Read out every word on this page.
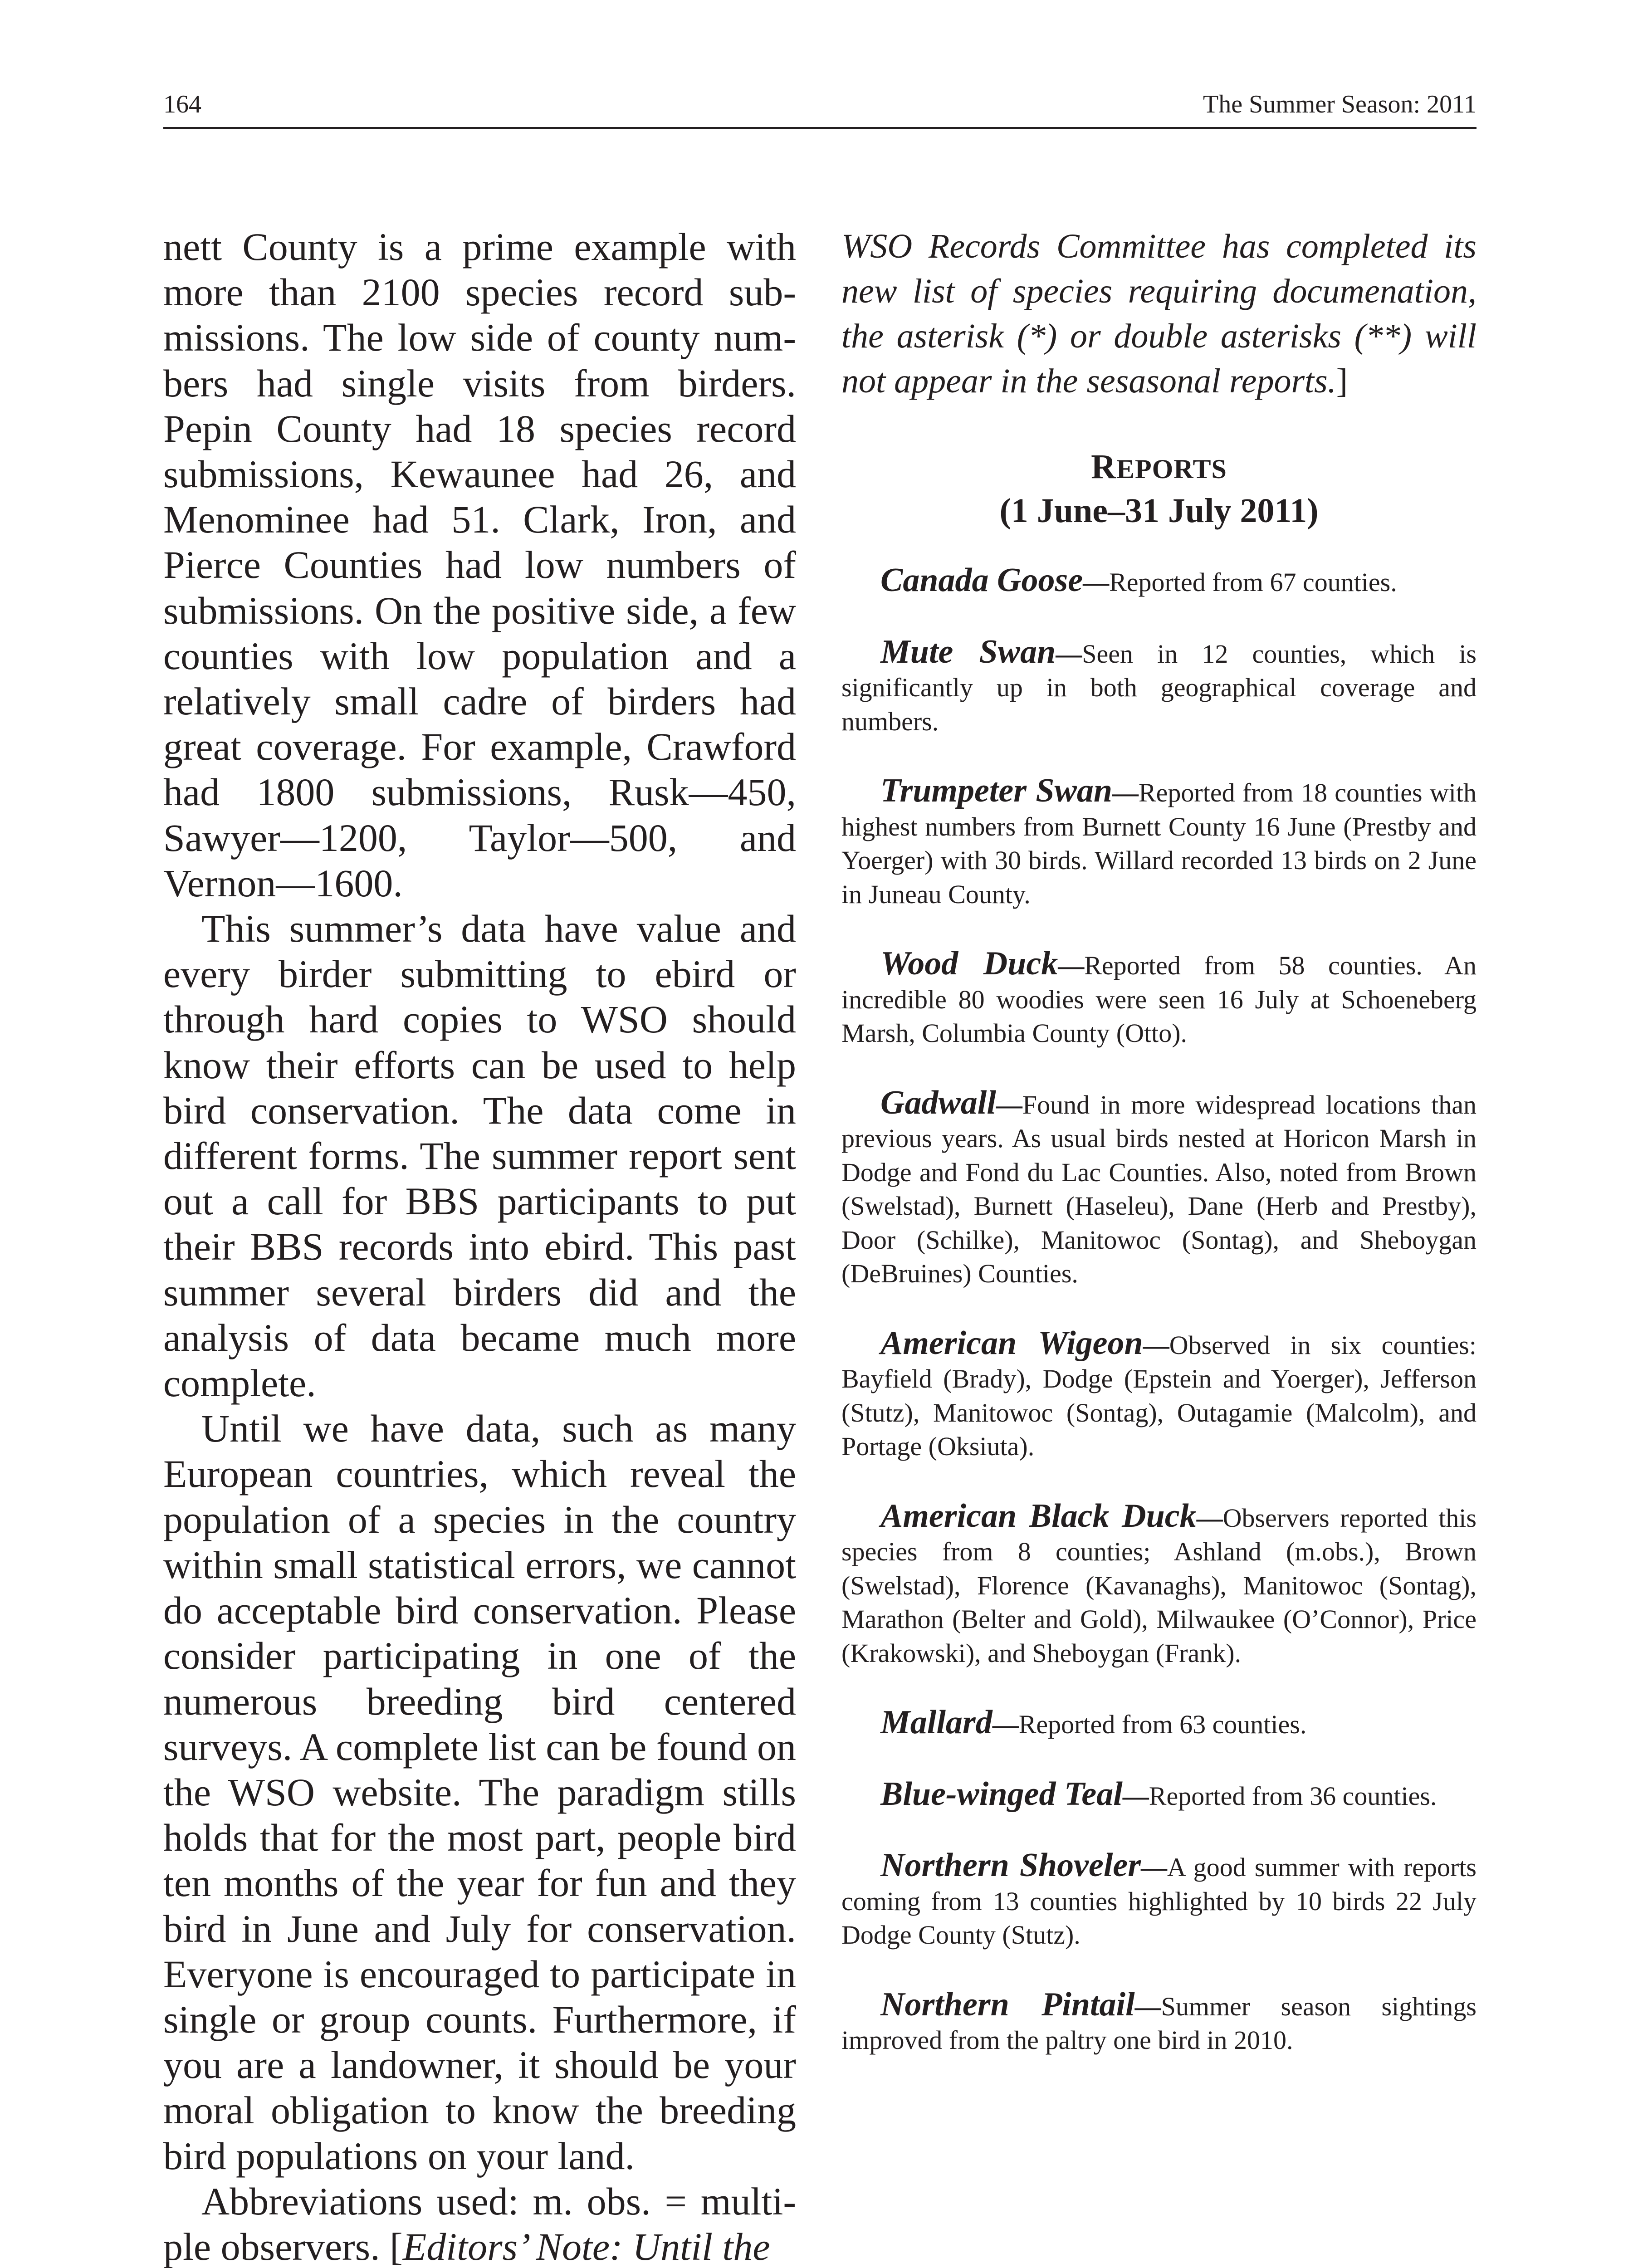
164	The Summer Season: 2011

nett County is a prime example with more than 2100 species record submissions. The low side of county numbers had single visits from birders. Pepin County had 18 species record submissions, Kewaunee had 26, and Menominee had 51. Clark, Iron, and Pierce Counties had low numbers of submissions. On the positive side, a few counties with low population and a relatively small cadre of birders had great coverage. For example, Crawford had 1800 submissions, Rusk—450, Sawyer—1200, Taylor—500, and Vernon—1600.

This summer’s data have value and every birder submitting to ebird or through hard copies to WSO should know their efforts can be used to help bird conservation. The data come in different forms. The summer report sent out a call for BBS participants to put their BBS records into ebird. This past summer several birders did and the analysis of data became much more complete.

Until we have data, such as many European countries, which reveal the population of a species in the country within small statistical errors, we cannot do acceptable bird conservation. Please consider participating in one of the numerous breeding bird centered surveys. A complete list can be found on the WSO website. The paradigm stills holds that for the most part, people bird ten months of the year for fun and they bird in June and July for conservation. Everyone is encouraged to participate in single or group counts. Furthermore, if you are a landowner, it should be your moral obligation to know the breeding bird populations on your land.

Abbreviations used: m. obs. = multiple observers. [Editors’ Note: Until the

WSO Records Committee has completed its new list of species requiring documenation, the asterisk (*) or double asterisks (**) will not appear in the sesasonal reports.]

REPORTS
(1 June–31 July 2011)

Canada Goose — Reported from 67 counties.

Mute Swan — Seen in 12 counties, which is significantly up in both geographical coverage and numbers.

Trumpeter Swan — Reported from 18 counties with highest numbers from Burnett County 16 June (Prestby and Yoerger) with 30 birds. Willard recorded 13 birds on 2 June in Juneau County.

Wood Duck — Reported from 58 counties. An incredible 80 woodies were seen 16 July at Schoeneberg Marsh, Columbia County (Otto).

Gadwall — Found in more widespread locations than previous years. As usual birds nested at Horicon Marsh in Dodge and Fond du Lac Counties. Also, noted from Brown (Swelstad), Burnett (Haseleu), Dane (Herb and Prestby), Door (Schilke), Manitowoc (Sontag), and Sheboygan (DeBruines) Counties.

American Wigeon — Observed in six counties: Bayfield (Brady), Dodge (Epstein and Yoerger), Jefferson (Stutz), Manitowoc (Sontag), Outagamie (Malcolm), and Portage (Oksiuta).

American Black Duck — Observers reported this species from 8 counties; Ashland (m.obs.), Brown (Swelstad), Florence (Kavanaghs), Manitowoc (Sontag), Marathon (Belter and Gold), Milwaukee (O’Connor), Price (Krakowski), and Sheboygan (Frank).

Mallard — Reported from 63 counties.

Blue-winged Teal — Reported from 36 counties.

Northern Shoveler — A good summer with reports coming from 13 counties highlighted by 10 birds 22 July Dodge County (Stutz).

Northern Pintail — Summer season sightings improved from the paltry one bird in 2010.
